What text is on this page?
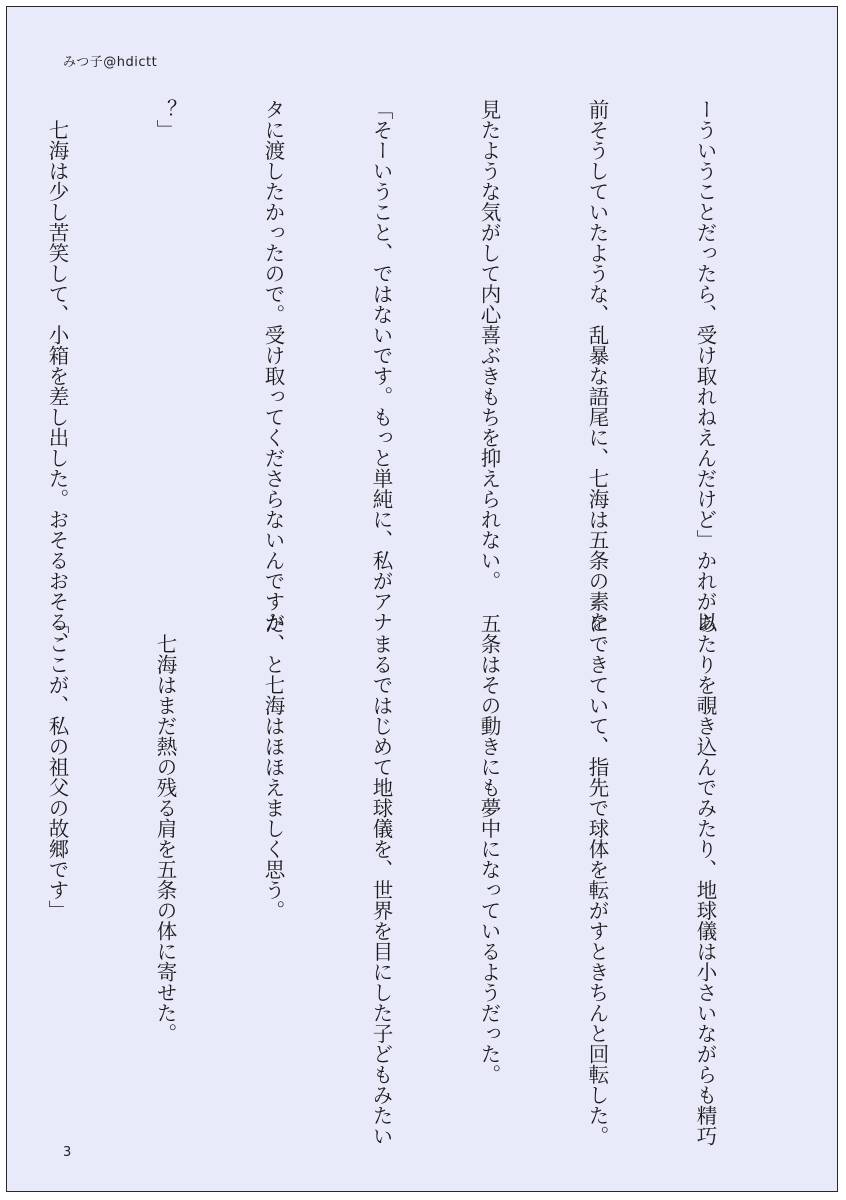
みつ子@hdictt

ーういうことだったら、受け取れねえんだけど」かれが以

前そうしていたような、乱暴な語尾に、七海は五条の素を

見たような気がして内心喜ぶきもちを抑えられない。

「そーいうこと、ではないです。もっと単純に、私がアナ

タに渡したかったので。受け取ってくださらないんですか

？」

　七海は少し苦笑して、小箱を差し出した。おそるおそる、

あたりを覗き込んでみたり、地球儀は小さいながらも精巧

にできていて、指先で球体を転がすときちんと回転した。

五条はその動きにも夢中になっているようだった。

　まるではじめて地球儀を、世界を目にした子どもみたい

だ、と七海はほほえましく思う。

　七海はまだ熱の残る肩を五条の体に寄せた。

「ここが、私の祖父の故郷です」

3
